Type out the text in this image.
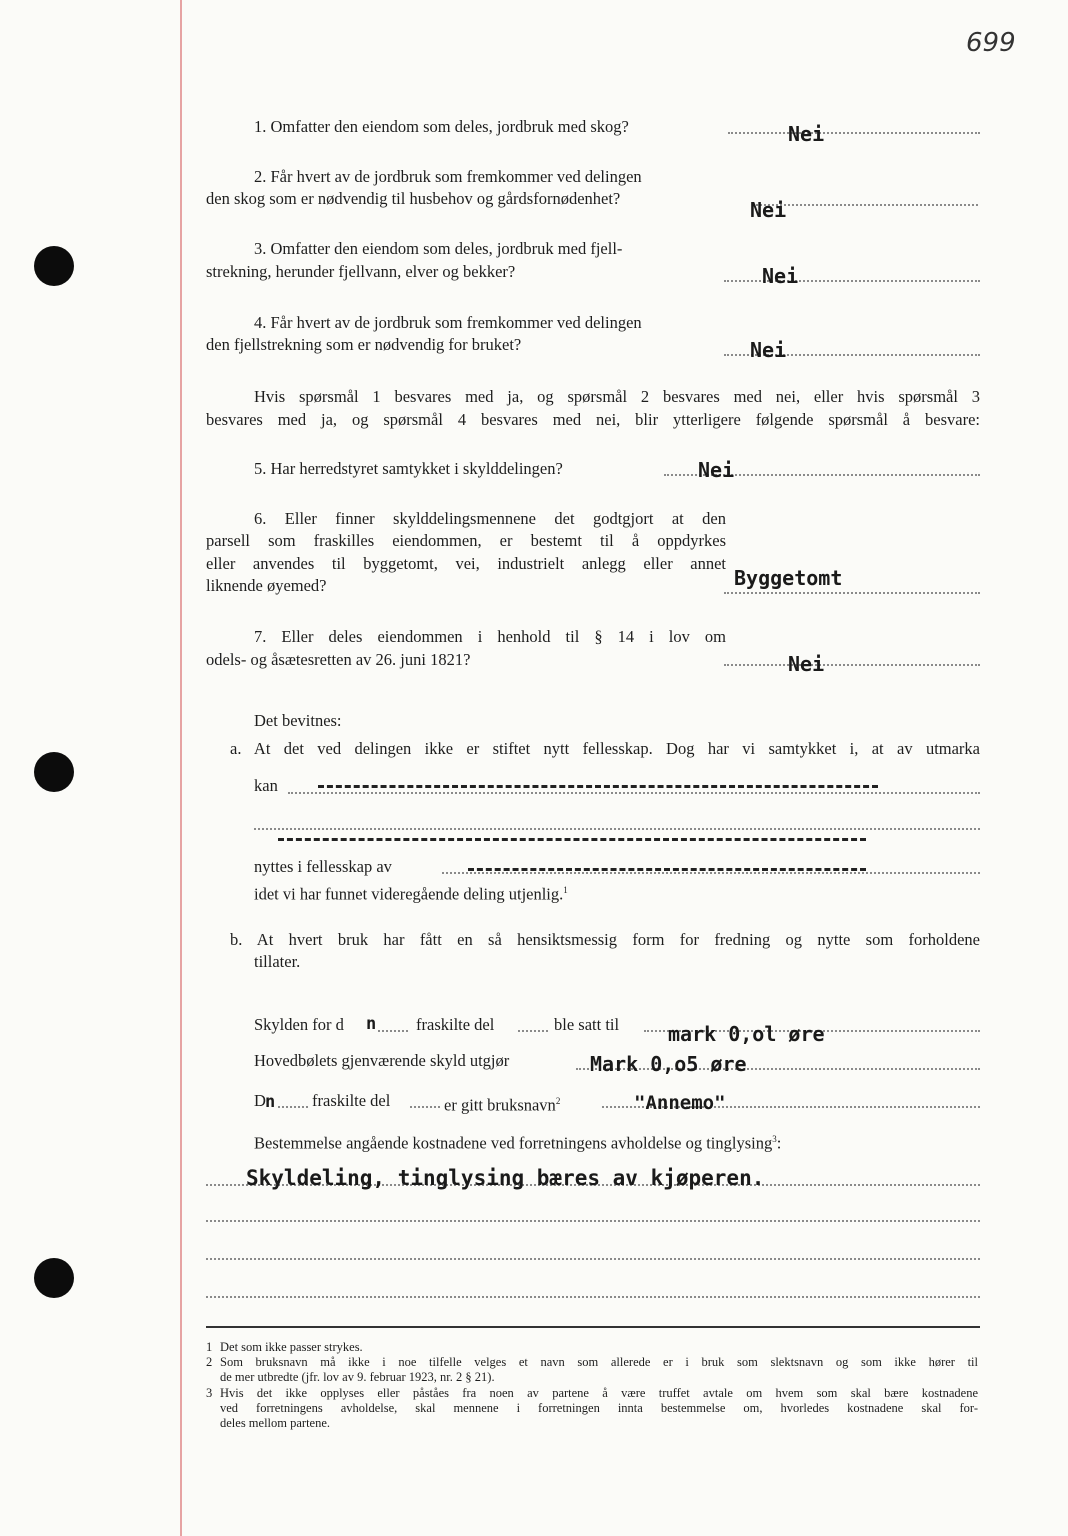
699
1. Omfatter den eiendom som deles, jordbruk med skog?	Nei
2. Får hvert av de jordbruk som fremkommer ved delingen
den skog som er nødvendig til husbehov og gårdsfornødenhet?	Nei
3. Omfatter den eiendom som deles, jordbruk med fjell-
strekning, herunder fjellvann, elver og bekker?	Nei
4. Får hvert av de jordbruk som fremkommer ved delingen
den fjellstrekning som er nødvendig for bruket?	Nei
Hvis spørsmål 1 besvares med ja, og spørsmål 2 besvares med nei, eller hvis spørsmål 3
besvares med ja, og spørsmål 4 besvares med nei, blir ytterligere følgende spørsmål å besvare:
5. Har herredstyret samtykket i skylddelingen?	Nei
6. Eller finner skylddelingsmennene det godtgjort at den
parsell som fraskilles eiendommen, er bestemt til å oppdyrkes
eller anvendes til byggetomt, vei, industrielt anlegg eller annet
liknende øyemed?	Byggetomt
7. Eller deles eiendommen i henhold til § 14 i lov om
odels- og åsætesretten av 26. juni 1821?	Nei
Det bevitnes:
a. At det ved delingen ikke er stiftet nytt fellesskap. Dog har vi samtykket i, at av utmarka
kan
nyttes i fellesskap av
idet vi har funnet videregående deling utjenlig.$^1$
b. At hvert bruk har fått en så hensiktsmessig form for fredning og nytte som forholdene
tillater.
Skylden for d n fraskilte del	ble satt til mark 0,ol øre
Hovedbølets gjenværende skyld utgjør	Mark 0,o5 øre
D n fraskilte del	er gitt bruksnavn$^2$	"Annemo"
Bestemmelse angående kostnadene ved forretningens avholdelse og tinglysing$^3$:
Skyldeling, tinglysing bæres av kjøperen.
1 Det som ikke passer strykes.
2 Som bruksnavn må ikke i noe tilfelle velges et navn som allerede er i bruk som slektsnavn og som ikke hører til
de mer utbredte (jfr. lov av 9. februar 1923, nr. 2 § 21).
3 Hvis det ikke opplyses eller påståes fra noen av partene å være truffet avtale om hvem som skal bære kostnadene
ved forretningens avholdelse, skal mennene i forretningen innta bestemmelse om, hvorledes kostnadene skal for-
deles mellom partene.
